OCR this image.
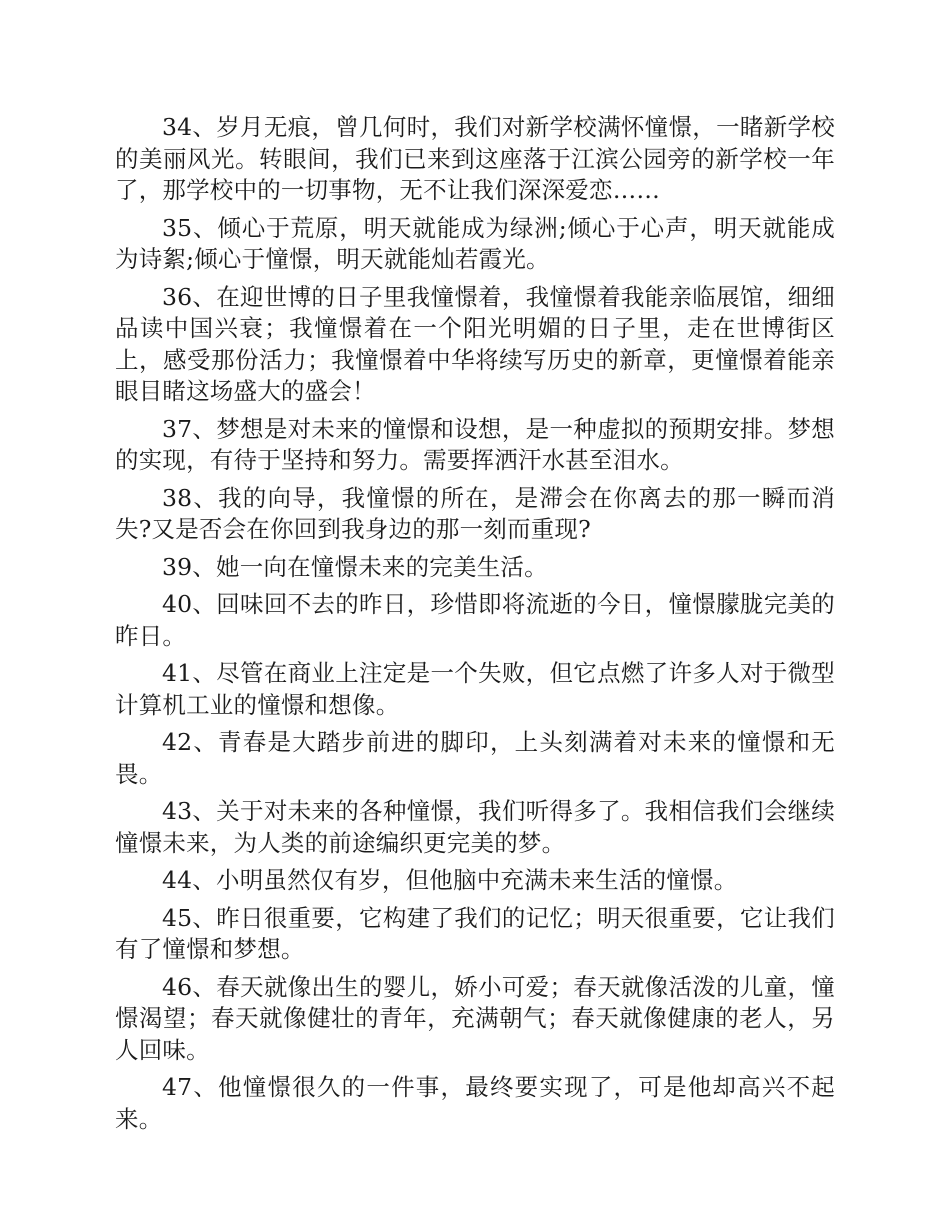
34、岁月无痕，曾几何时，我们对新学校满怀憧憬，一睹新学校的美丽风光。转眼间，我们已来到这座落于江滨公园旁的新学校一年了，那学校中的一切事物，无不让我们深深爱恋……

35、倾心于荒原，明天就能成为绿洲;倾心于心声，明天就能成为诗絮;倾心于憧憬，明天就能灿若霞光。

36、在迎世博的日子里我憧憬着，我憧憬着我能亲临展馆，细细品读中国兴衰；我憧憬着在一个阳光明媚的日子里，走在世博街区上，感受那份活力；我憧憬着中华将续写历史的新章，更憧憬着能亲眼目睹这场盛大的盛会！

37、梦想是对未来的憧憬和设想，是一种虚拟的预期安排。梦想的实现，有待于坚持和努力。需要挥洒汗水甚至泪水。

38、我的向导，我憧憬的所在，是滞会在你离去的那一瞬而消失?又是否会在你回到我身边的那一刻而重现?

39、她一向在憧憬未来的完美生活。

40、回味回不去的昨日，珍惜即将流逝的今日，憧憬朦胧完美的昨日。

41、尽管在商业上注定是一个失败，但它点燃了许多人对于微型计算机工业的憧憬和想像。

42、青春是大踏步前进的脚印，上头刻满着对未来的憧憬和无畏。

43、关于对未来的各种憧憬，我们听得多了。我相信我们会继续憧憬未来，为人类的前途编织更完美的梦。

44、小明虽然仅有岁，但他脑中充满未来生活的憧憬。

45、昨日很重要，它构建了我们的记忆；明天很重要，它让我们有了憧憬和梦想。

46、春天就像出生的婴儿，娇小可爱；春天就像活泼的儿童，憧憬渴望；春天就像健壮的青年，充满朝气；春天就像健康的老人，另人回味。

47、他憧憬很久的一件事，最终要实现了，可是他却高兴不起来。
